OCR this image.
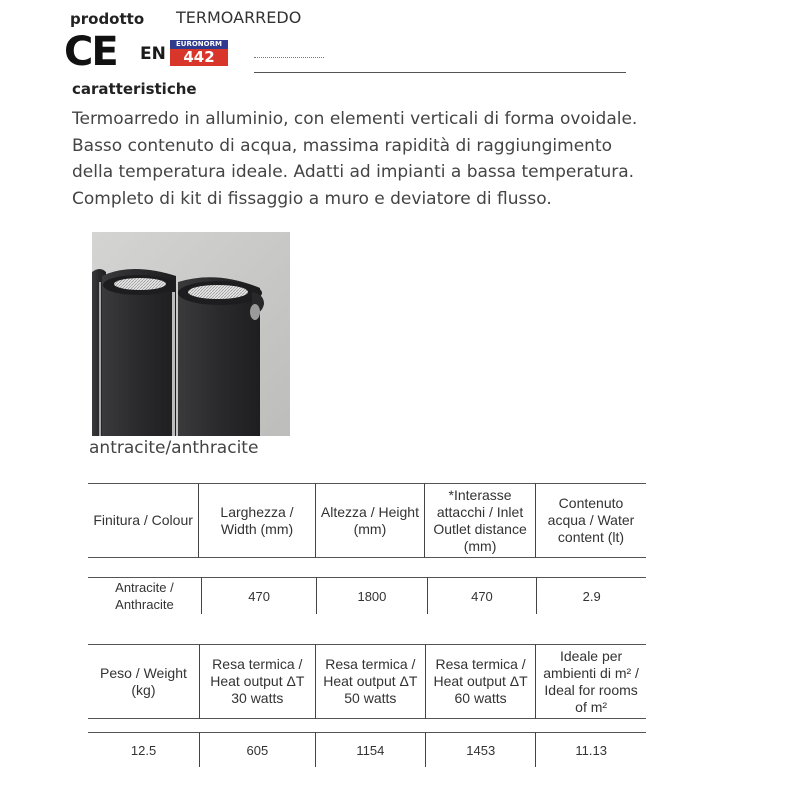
prodotto TERMOARREDO
CE EN	EURONORM
442
caratteristiche
Termoarredo in alluminio, con elementi verticali di forma ovoidale.
Basso contenuto di acqua, massima rapidità di raggiungimento
della temperatura ideale. Adatti ad impianti a bassa temperatura.
Completo di kit di fissaggio a muro e deviatore di flusso.
antracite/anthracite
Finitura / Colour	Larghezza / Width (mm)	Altezza / Height (mm)	*Interasse attacchi / Inlet Outlet distance (mm)	Contenuto acqua / Water content (lt)
Antracite / Anthracite	470	1800	470	2.9
Peso / Weight (kg)	Resa termica / Heat output ΔT 30 watts	Resa termica / Heat output ΔT 50 watts	Resa termica / Heat output ΔT 60 watts	Ideale per ambienti di m² / Ideal for rooms of m²
12.5	605	1154	1453	11.13
